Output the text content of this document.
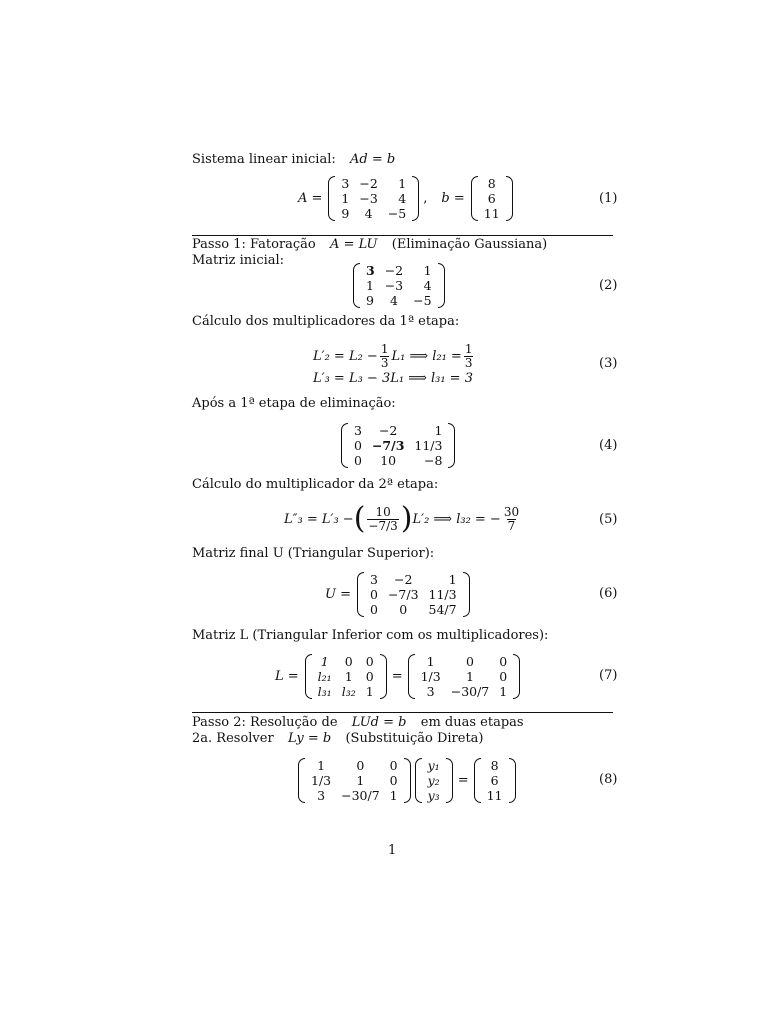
Sistema linear inicial: Ad = b
A =
3	−2	1
1	−3	4
9	4	−5
, b =
8
6
11
(1)
Passo 1: Fatoração A = LU (Eliminação Gaussiana)
Matriz inicial:
3	−2	1
1	−3	4
9	4	−5
(2)
Cálculo dos multiplicadores da 1ª etapa:
$L'_2 = L_2 - \frac{1}{3} L_1$ ⟹ $l_{21} = \frac{1}{3}$
L′₃ = L₃ − 3L₁ ⟹ l₃₁ = 3
(3)
Após a 1ª etapa de eliminação:
3	−2	1
0	−7/3	11/3
0	10	−8
(4)
Cálculo do multiplicador da 2ª etapa:
L″₃ = L′₃ − ( $\frac{10}{-7/3}$ ) L′₂ ⟹ l₃₂ = − $\frac{30}{7}$	(5)
Matriz final U (Triangular Superior):
U =
3	−2	1
0	−7/3	11/3
0	0	54/7
(6)
Matriz L (Triangular Inferior com os multiplicadores):
L =
1	0	0
l₂₁	1	0
l₃₁	l₃₂	1
=
1	0	0
1/3	1	0
3	−30/7	1
(7)
Passo 2: Resolução de LUd = b em duas etapas
2a. Resolver Ly = b (Substituição Direta)
1	0	0
1/3	1	0
3	−30/7	1
y₁
y₂
y₃
=
8
6
11
(8)
1
